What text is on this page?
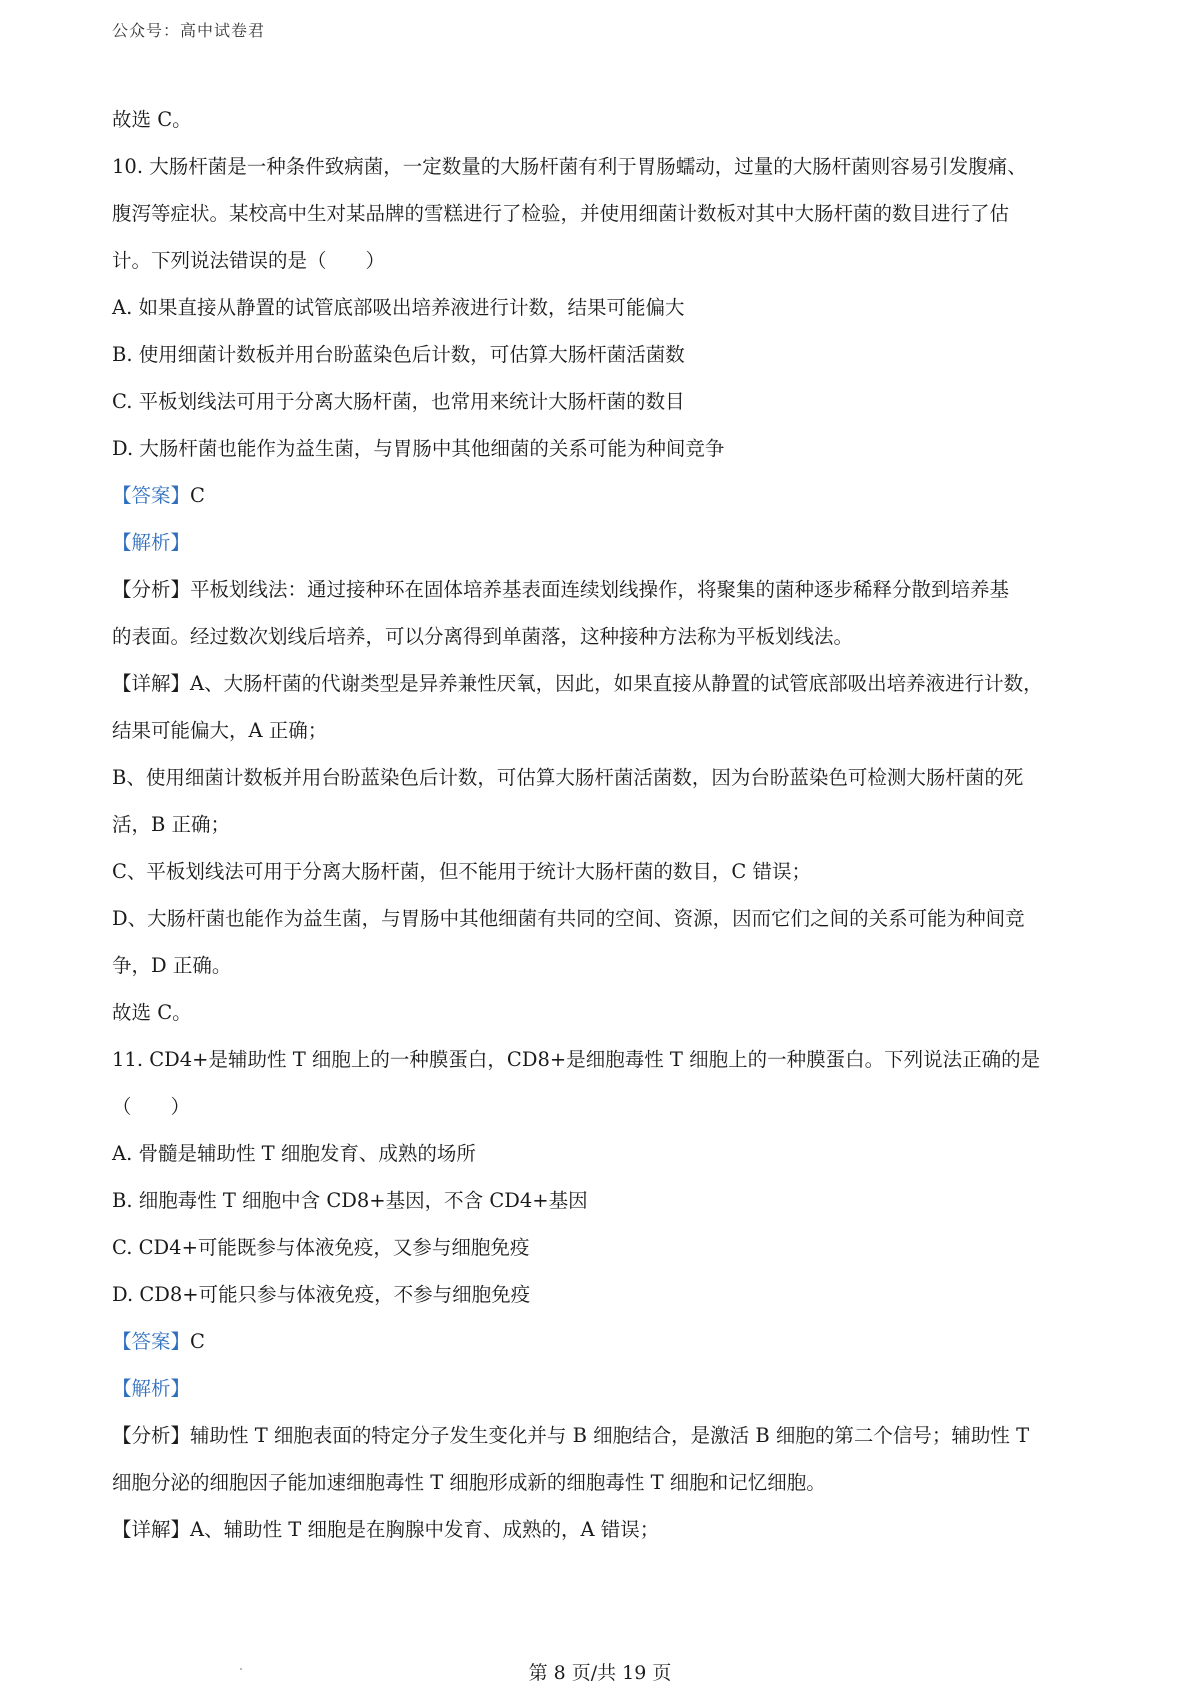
公众号：高中试卷君
故选 C。
10. 大肠杆菌是一种条件致病菌，一定数量的大肠杆菌有利于胃肠蠕动，过量的大肠杆菌则容易引发腹痛、
腹泻等症状。某校高中生对某品牌的雪糕进行了检验，并使用细菌计数板对其中大肠杆菌的数目进行了估
计。下列说法错误的是（　　）
A. 如果直接从静置的试管底部吸出培养液进行计数，结果可能偏大
B. 使用细菌计数板并用台盼蓝染色后计数，可估算大肠杆菌活菌数
C. 平板划线法可用于分离大肠杆菌，也常用来统计大肠杆菌的数目
D. 大肠杆菌也能作为益生菌，与胃肠中其他细菌的关系可能为种间竞争
【答案】 C
【解析】
【分析】 平板划线法：通过接种环在固体培养基表面连续划线操作，将聚集的菌种逐步稀释分散到培养基
的表面。经过数次划线后培养，可以分离得到单菌落，这种接种方法称为平板划线法。
【详解】 A、大肠杆菌的代谢类型是异养兼性厌氧，因此，如果直接从静置的试管底部吸出培养液进行计数，
结果可能偏大，A 正确；
B、使用细菌计数板并用台盼蓝染色后计数，可估算大肠杆菌活菌数，因为台盼蓝染色可检测大肠杆菌的死
活，B 正确；
C、平板划线法可用于分离大肠杆菌，但不能用于统计大肠杆菌的数目，C 错误；
D、大肠杆菌也能作为益生菌，与胃肠中其他细菌有共同的空间、资源，因而它们之间的关系可能为种间竞
争，D 正确。
故选 C。
11. CD4+是辅助性 T 细胞上的一种膜蛋白，CD8+是细胞毒性 T 细胞上的一种膜蛋白。下列说法正确的是
（　　）
A. 骨髓是辅助性 T 细胞发育、成熟的场所
B. 细胞毒性 T 细胞中含 CD8+基因，不含 CD4+基因
C. CD4+可能既参与体液免疫，又参与细胞免疫
D. CD8+可能只参与体液免疫，不参与细胞免疫
【答案】 C
【解析】
【分析】 辅助性 T 细胞表面的特定分子发生变化并与 B 细胞结合，是激活 B 细胞的第二个信号；辅助性 T
细胞分泌的细胞因子能加速细胞毒性 T 细胞形成新的细胞毒性 T 细胞和记忆细胞。
【详解】 A、辅助性 T 细胞是在胸腺中发育、成熟的，A 错误；
第 8 页/共 19 页
